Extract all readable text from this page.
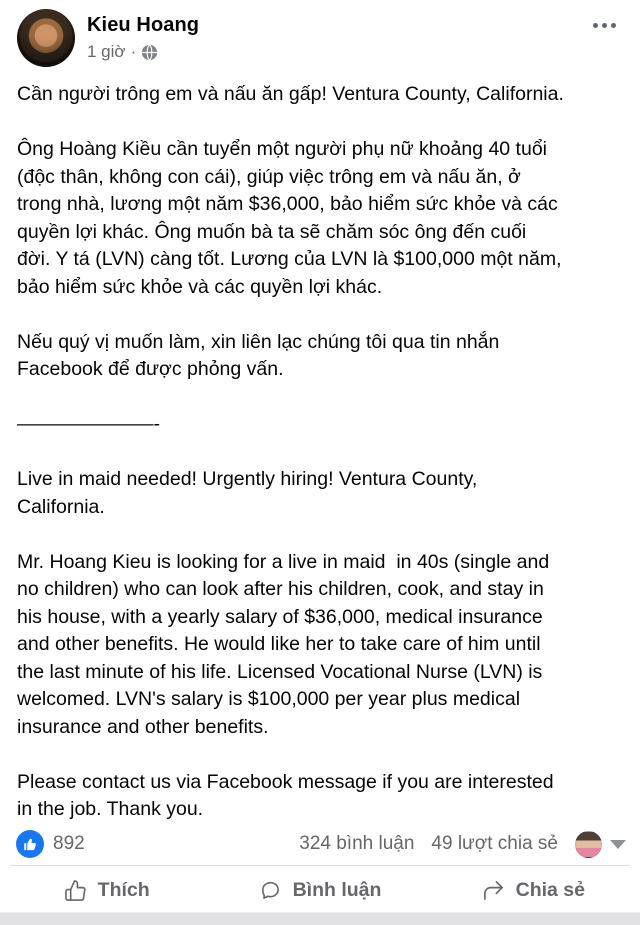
Kieu Hoang
1 giờ ·
Cần người trông em và nấu ăn gấp! Ventura County, California.
Ông Hoàng Kiều cần tuyển một người phụ nữ khoảng 40 tuổi
(độc thân, không con cái), giúp việc trông em và nấu ăn, ở
trong nhà, lương một năm $36,000, bảo hiểm sức khỏe và các
quyền lợi khác. Ông muốn bà ta sẽ chăm sóc ông đến cuối
đời. Y tá (LVN) càng tốt. Lương của LVN là $100,000 một năm,
bảo hiểm sức khỏe và các quyền lợi khác.
Nếu quý vị muốn làm, xin liên lạc chúng tôi qua tin nhắn
Facebook để được phỏng vấn.
———————-
Live in maid needed! Urgently hiring! Ventura County,
California.
Mr. Hoang Kieu is looking for a live in maid  in 40s (single and
no children) who can look after his children, cook, and stay in
his house, with a yearly salary of $36,000, medical insurance
and other benefits. He would like her to take care of him until
the last minute of his life. Licensed Vocational Nurse (LVN) is
welcomed. LVN's salary is $100,000 per year plus medical
insurance and other benefits.
Please contact us via Facebook message if you are interested
in the job. Thank you.
892	324 bình luận 49 lượt chia sẻ
Thích	Bình luận	Chia sẻ
